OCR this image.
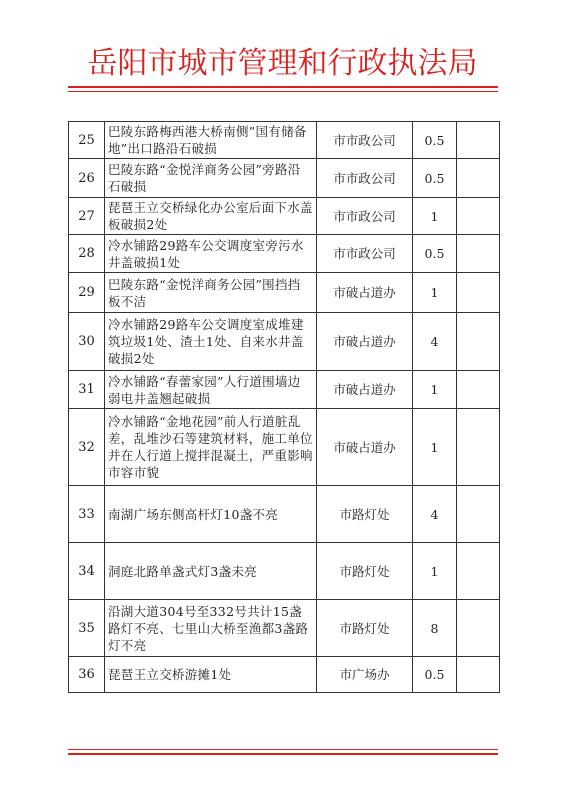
岳阳市城市管理和行政执法局
25	巴陵东路梅西港大桥南侧”国有储备地”出口路沿石破损	市市政公司	0.5	
26	巴陵东路“金悦洋商务公园”旁路沿石破损	市市政公司	0.5	
27	琵琶王立交桥绿化办公室后面下水盖板破损2处	市市政公司	1	
28	冷水铺路29路车公交调度室旁污水井盖破损1处	市市政公司	0.5	
29	巴陵东路“金悦洋商务公园”围挡挡板不洁	市破占道办	1	
30	冷水铺路29路车公交调度室成堆建筑垃圾1处、渣土1处、自来水井盖破损2处	市破占道办	4	
31	冷水铺路“春蕾家园”人行道围墙边弱电井盖翘起破损	市破占道办	1	
32	冷水铺路“金地花园”前人行道脏乱差，乱堆沙石等建筑材料，施工单位并在人行道上搅拌混凝土，严重影响市容市貌	市破占道办	1	
33	南湖广场东侧高杆灯10盏不亮	市路灯处	4	
34	洞庭北路单盏式灯3盏未亮	市路灯处	1	
35	沿湖大道304号至332号共计15盏路灯不亮、七里山大桥至渔都3盏路灯不亮	市路灯处	8	
36	琵琶王立交桥游摊1处	市广场办	0.5	
